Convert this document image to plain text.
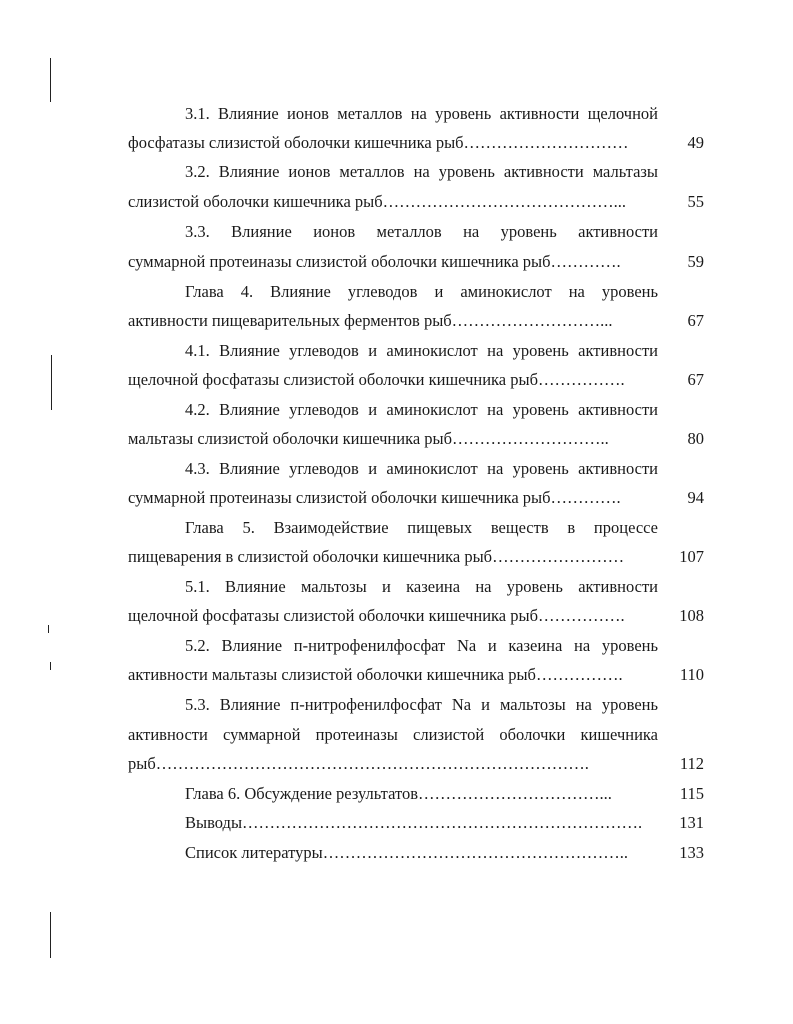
3.1. Влияние ионов металлов на уровень активности щелочной
фосфатазы слизистой оболочки кишечника рыб…………………………	49
3.2. Влияние ионов металлов на уровень активности мальтазы
слизистой оболочки кишечника рыб……………………………………...	55
3.3. Влияние ионов металлов на уровень активности
суммарной протеиназы слизистой оболочки кишечника рыб………….	59
Глава 4. Влияние углеводов и аминокислот на уровень
активности пищеварительных ферментов рыб………………………...	67
4.1. Влияние углеводов и аминокислот на уровень активности
щелочной фосфатазы слизистой оболочки кишечника рыб…………….	67
4.2. Влияние углеводов и аминокислот на уровень активности
мальтазы слизистой оболочки кишечника рыб………………………..	80
4.3. Влияние углеводов и аминокислот на уровень активности
суммарной протеиназы слизистой оболочки кишечника рыб………….	94
Глава 5. Взаимодействие пищевых веществ в процессе
пищеварения в слизистой оболочки кишечника рыб……………………	107
5.1. Влияние мальтозы и казеина на уровень активности
щелочной фосфатазы слизистой оболочки кишечника рыб…………….	108
5.2. Влияние п-нитрофенилфосфат Na и казеина на уровень
активности мальтазы слизистой оболочки кишечника рыб…………….	110
5.3. Влияние п-нитрофенилфосфат Na и мальтозы на уровень
активности суммарной протеиназы слизистой оболочки кишечника
рыб…………………………………………………………………….	112
Глава 6. Обсуждение результатов……………………………...	115
Выводы……………………………………………………………….	131
Список литературы………………………………………………..	133
